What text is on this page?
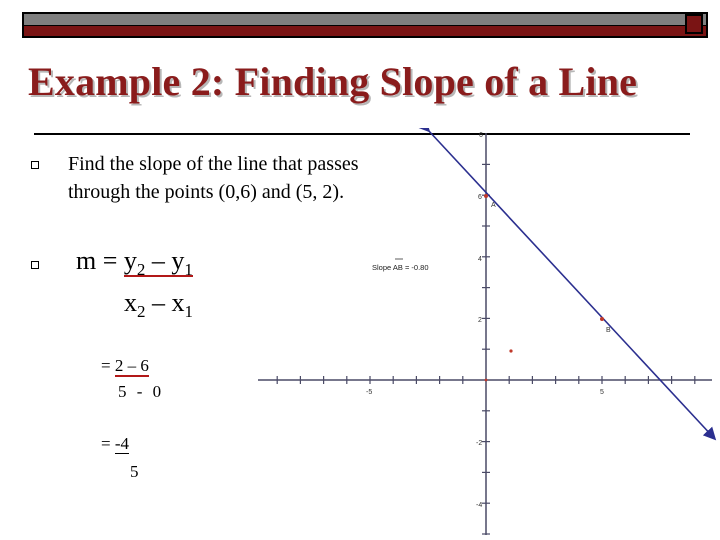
Example 2: Finding Slope of a Line
Find the slope of the line that passes through the points (0,6) and (5, 2).
$m = y_2 - y_1$
$x_2 - x_1$
= 2 – 6
5 - 0
= -4
5
6
6
4
2
-2
-4
-5	5
A
B
Slope AB = -0.80
